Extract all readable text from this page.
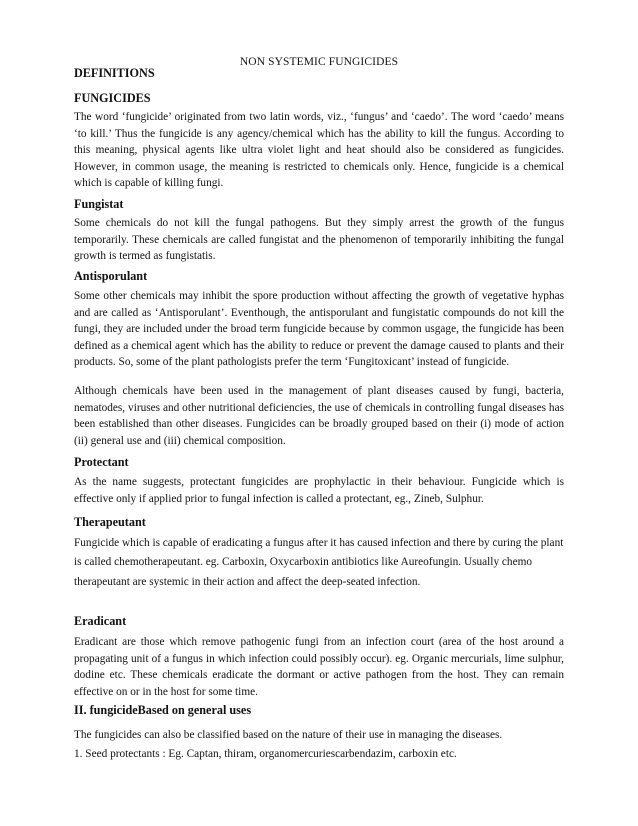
NON SYSTEMIC FUNGICIDES
DEFINITIONS
FUNGICIDES
The word ‘fungicide’ originated from two latin words, viz., ‘fungus’ and ‘caedo’. The word ‘caedo’ means ‘to kill.’ Thus the fungicide is any agency/chemical which has the ability to kill the fungus. According to this meaning, physical agents like ultra violet light and heat should also be considered as fungicides. However, in common usage, the meaning is restricted to chemicals only. Hence, fungicide is a chemical which is capable of killing fungi.
Fungistat
Some chemicals do not kill the fungal pathogens. But they simply arrest the growth of the fungus temporarily. These chemicals are called fungistat and the phenomenon of temporarily inhibiting the fungal growth is termed as fungistatis.
Antisporulant
Some other chemicals may inhibit the spore production without affecting the growth of vegetative hyphas and are called as ‘Antisporulant’. Eventhough, the antisporulant and fungistatic compounds do not kill the fungi, they are included under the broad term fungicide because by common usgage, the fungicide has been defined as a chemical agent which has the ability to reduce or prevent the damage caused to plants and their products. So, some of the plant pathologists prefer the term ‘Fungitoxicant’ instead of fungicide.
Although chemicals have been used in the management of plant diseases caused by fungi, bacteria, nematodes, viruses and other nutritional deficiencies, the use of chemicals in controlling fungal diseases has been established than other diseases. Fungicides can be broadly grouped based on their (i) mode of action (ii) general use and (iii) chemical composition.
Protectant
As the name suggests, protectant fungicides are prophylactic in their behaviour. Fungicide which is effective only if applied prior to fungal infection is called a protectant, eg., Zineb, Sulphur.
Therapeutant
Fungicide which is capable of eradicating a fungus after it has caused infection and there by curing the plant is called chemotherapeutant. eg. Carboxin, Oxycarboxin antibiotics like Aureofungin. Usually chemo therapeutant are systemic in their action and affect the deep-seated infection.
Eradicant
Eradicant are those which remove pathogenic fungi from an infection court (area of the host around a propagating unit of a fungus in which infection could possibly occur). eg. Organic mercurials, lime sulphur, dodine etc. These chemicals eradicate the dormant or active pathogen from the host. They can remain effective on or in the host for some time.
II. fungicideBased on general uses
The fungicides can also be classified based on the nature of their use in managing the diseases.
1. Seed protectants : Eg. Captan, thiram, organomercuriescarbendazim, carboxin etc.
